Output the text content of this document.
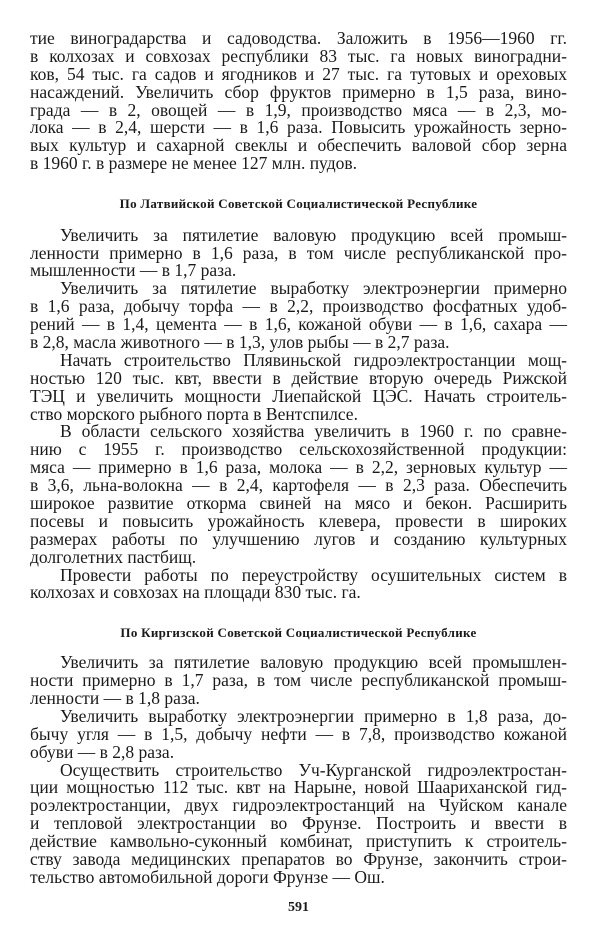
тие виноградарства и садоводства. Заложить в 1956—1960 гг.
в колхозах и совхозах республики 83 тыс. га новых виноградни-
ков, 54 тыс. га садов и ягодников и 27 тыс. га тутовых и ореховых
насаждений. Увеличить сбор фруктов примерно в 1,5 раза, вино-
града — в 2, овощей — в 1,9, производство мяса — в 2,3, мо-
лока — в 2,4, шерсти — в 1,6 раза. Повысить урожайность зерно-
вых культур и сахарной свеклы и обеспечить валовой сбор зерна
в 1960 г. в размере не менее 127 млн. пудов.
По Латвийской Советской Социалистической Республике
Увеличить за пятилетие валовую продукцию всей промыш-
ленности примерно в 1,6 раза, в том числе республиканской про-
мышленности — в 1,7 раза.
Увеличить за пятилетие выработку электроэнергии примерно
в 1,6 раза, добычу торфа — в 2,2, производство фосфатных удоб-
рений — в 1,4, цемента — в 1,6, кожаной обуви — в 1,6, сахара —
в 2,8, масла животного — в 1,3, улов рыбы — в 2,7 раза.
Начать строительство Плявиньской гидроэлектростанции мощ-
ностью 120 тыс. квт, ввести в действие вторую очередь Рижской
ТЭЦ и увеличить мощности Лиепайской ЦЭС. Начать строитель-
ство морского рыбного порта в Вентспилсе.
В области сельского хозяйства увеличить в 1960 г. по сравне-
нию с 1955 г. производство сельскохозяйственной продукции:
мяса — примерно в 1,6 раза, молока — в 2,2, зерновых культур —
в 3,6, льна-волокна — в 2,4, картофеля — в 2,3 раза. Обеспечить
широкое развитие откорма свиней на мясо и бекон. Расширить
посевы и повысить урожайность клевера, провести в широких
размерах работы по улучшению лугов и созданию культурных
долголетних пастбищ.
Провести работы по переустройству осушительных систем в
колхозах и совхозах на площади 830 тыс. га.
По Киргизской Советской Социалистической Республике
Увеличить за пятилетие валовую продукцию всей промышлен-
ности примерно в 1,7 раза, в том числе республиканской промыш-
ленности — в 1,8 раза.
Увеличить выработку электроэнергии примерно в 1,8 раза, до-
бычу угля — в 1,5, добычу нефти — в 7,8, производство кожаной
обуви — в 2,8 раза.
Осуществить строительство Уч-Курганской гидроэлектростан-
ции мощностью 112 тыс. квт на Нарыне, новой Шаариханской гид-
роэлектростанции, двух гидроэлектростанций на Чуйском канале
и тепловой электростанции во Фрунзе. Построить и ввести в
действие камвольно-суконный комбинат, приступить к строитель-
ству завода медицинских препаратов во Фрунзе, закончить строи-
тельство автомобильной дороги Фрунзе — Ош.
591
